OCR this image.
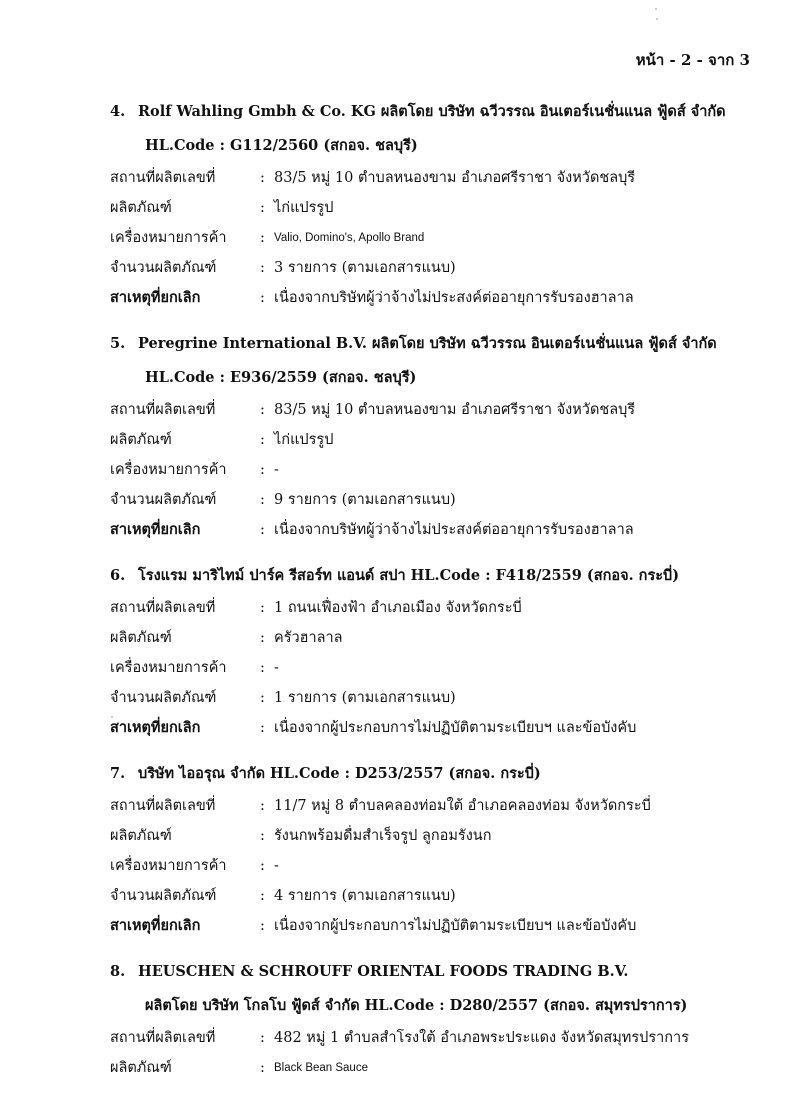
หน้า - 2 - จาก 3
4. Rolf Wahling Gmbh & Co. KG ผลิตโดย บริษัท ฉวีวรรณ อินเตอร์เนชั่นแนล ฟู้ดส์ จำกัด
HL.Code : G112/2560 (สกอจ. ชลบุรี)
สถานที่ผลิตเลขที่	: 83/5 หมู่ 10 ตำบลหนองขาม อำเภอศรีราชา จังหวัดชลบุรี
ผลิตภัณฑ์	: ไก่แปรรูป
เครื่องหมายการค้า	: Valio, Domino's, Apollo Brand
จำนวนผลิตภัณฑ์	: 3 รายการ (ตามเอกสารแนบ)
สาเหตุที่ยกเลิก	: เนื่องจากบริษัทผู้ว่าจ้างไม่ประสงค์ต่ออายุการรับรองฮาลาล
5. Peregrine International B.V. ผลิตโดย บริษัท ฉวีวรรณ อินเตอร์เนชั่นแนล ฟู้ดส์ จำกัด
HL.Code : E936/2559 (สกอจ. ชลบุรี)
สถานที่ผลิตเลขที่	: 83/5 หมู่ 10 ตำบลหนองขาม อำเภอศรีราชา จังหวัดชลบุรี
ผลิตภัณฑ์	: ไก่แปรรูป
เครื่องหมายการค้า	: -
จำนวนผลิตภัณฑ์	: 9 รายการ (ตามเอกสารแนบ)
สาเหตุที่ยกเลิก	: เนื่องจากบริษัทผู้ว่าจ้างไม่ประสงค์ต่ออายุการรับรองฮาลาล
6. โรงแรม มาริไทม์ ปาร์ค รีสอร์ท แอนด์ สปา HL.Code : F418/2559 (สกอจ. กระบี่)
สถานที่ผลิตเลขที่	: 1 ถนนเฟื่องฟ้า อำเภอเมือง จังหวัดกระบี่
ผลิตภัณฑ์	: ครัวฮาลาล
เครื่องหมายการค้า	: -
จำนวนผลิตภัณฑ์	: 1 รายการ (ตามเอกสารแนบ)
สาเหตุที่ยกเลิก	: เนื่องจากผู้ประกอบการไม่ปฏิบัติตามระเบียบฯ และข้อบังคับ
7. บริษัท ไออรุณ จำกัด HL.Code : D253/2557 (สกอจ. กระบี่)
สถานที่ผลิตเลขที่	: 11/7 หมู่ 8 ตำบลคลองท่อมใต้ อำเภอคลองท่อม จังหวัดกระบี่
ผลิตภัณฑ์	: รังนกพร้อมดื่มสำเร็จรูป ลูกอมรังนก
เครื่องหมายการค้า	: -
จำนวนผลิตภัณฑ์	: 4 รายการ (ตามเอกสารแนบ)
สาเหตุที่ยกเลิก	: เนื่องจากผู้ประกอบการไม่ปฏิบัติตามระเบียบฯ และข้อบังคับ
8. HEUSCHEN & SCHROUFF ORIENTAL FOODS TRADING B.V.
ผลิตโดย บริษัท โกลโบ ฟู้ดส์ จำกัด HL.Code : D280/2557 (สกอจ. สมุทรปราการ)
สถานที่ผลิตเลขที่	: 482 หมู่ 1 ตำบลสำโรงใต้ อำเภอพระประแดง จังหวัดสมุทรปราการ
ผลิตภัณฑ์	: Black Bean Sauce
